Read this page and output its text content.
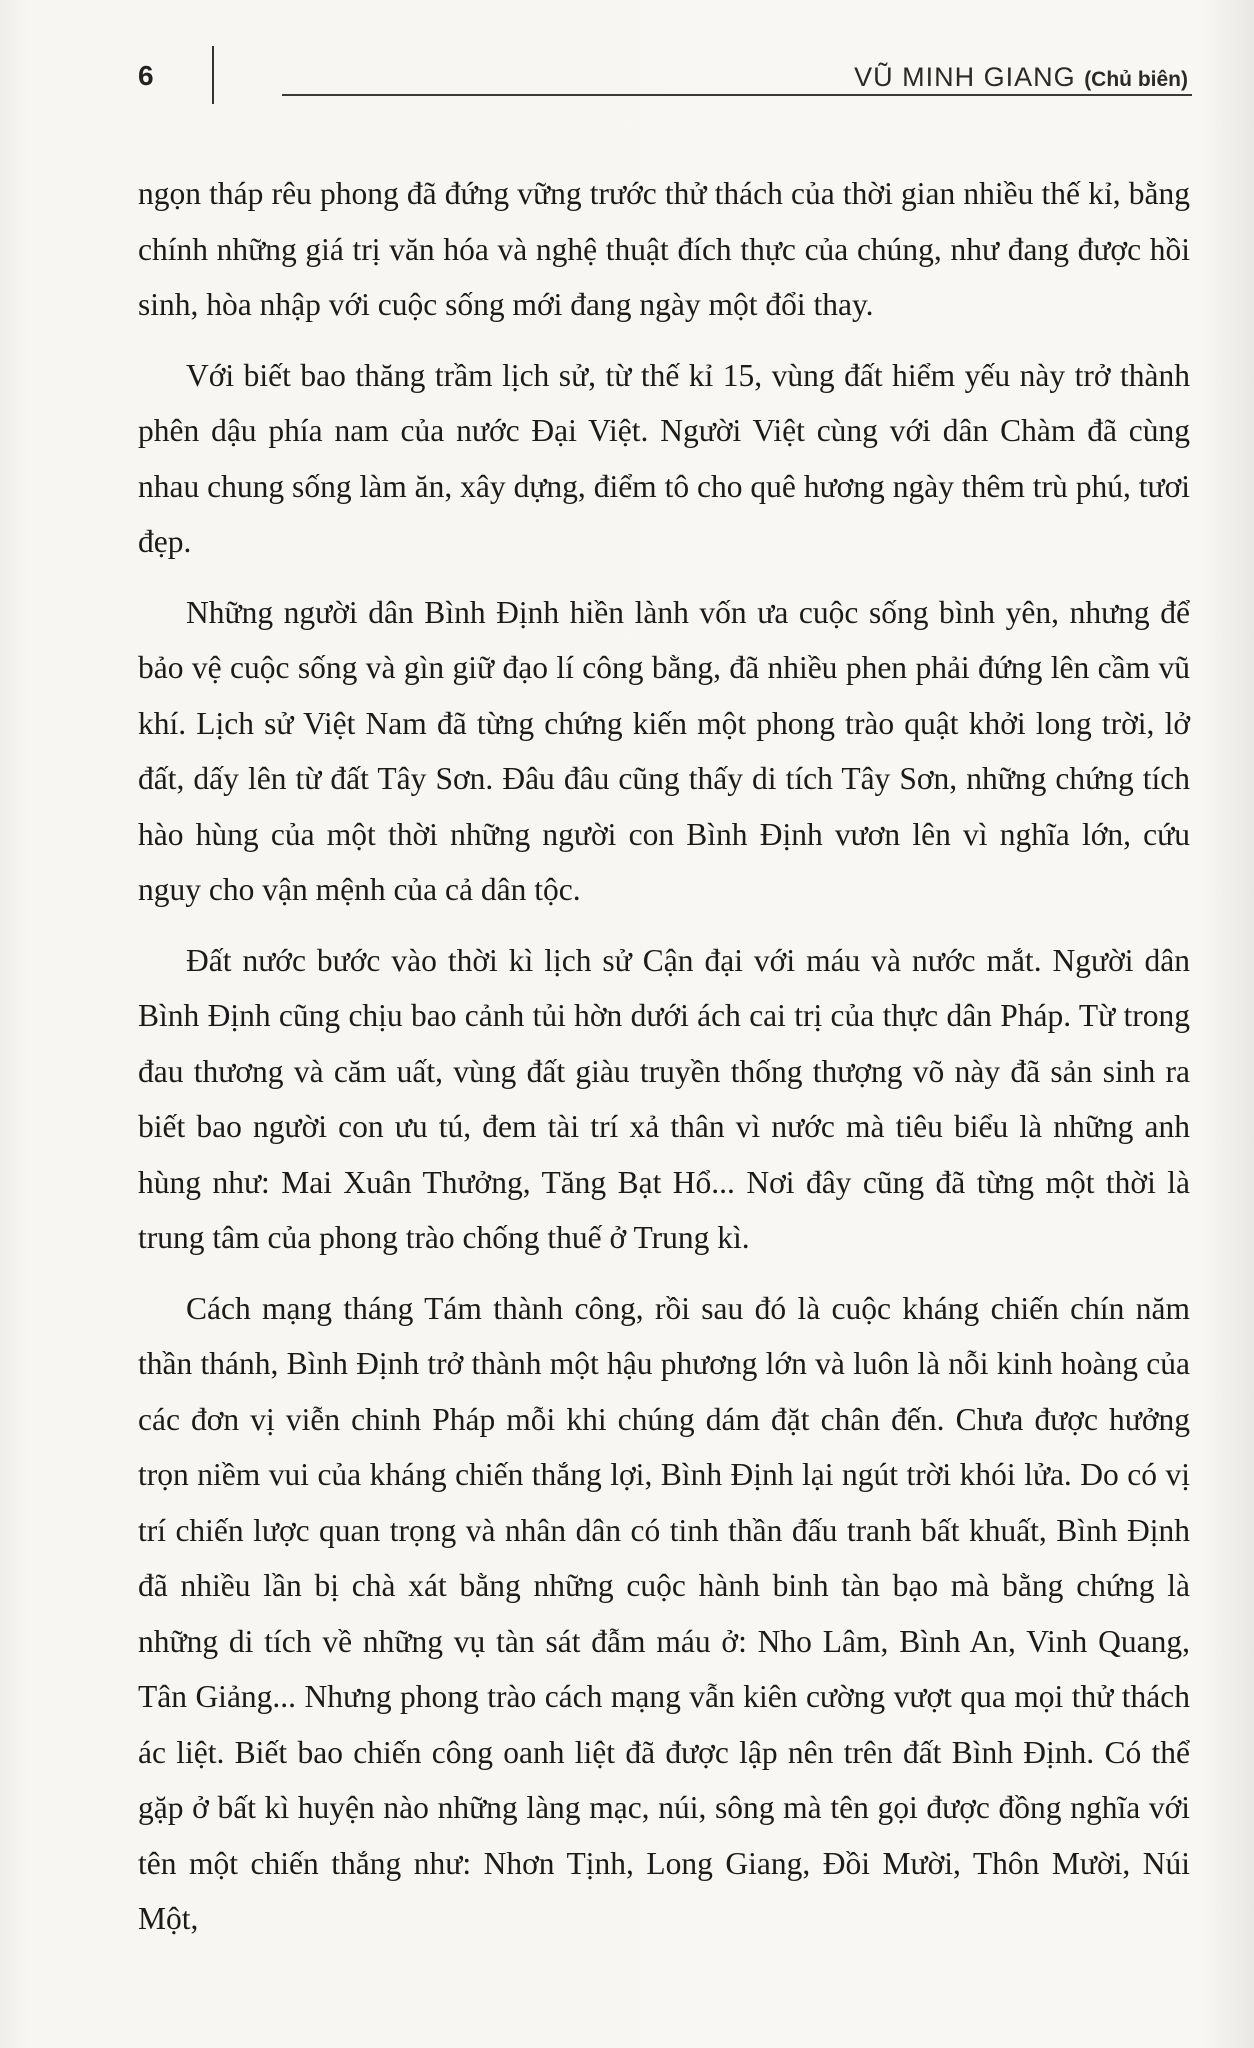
6	VŨ MINH GIANG (Chủ biên)

ngọn tháp rêu phong đã đứng vững trước thử thách của thời gian nhiều thế kỉ, bằng chính những giá trị văn hóa và nghệ thuật đích thực của chúng, như đang được hồi sinh, hòa nhập với cuộc sống mới đang ngày một đổi thay.

Với biết bao thăng trầm lịch sử, từ thế kỉ 15, vùng đất hiểm yếu này trở thành phên dậu phía nam của nước Đại Việt. Người Việt cùng với dân Chàm đã cùng nhau chung sống làm ăn, xây dựng, điểm tô cho quê hương ngày thêm trù phú, tươi đẹp.

Những người dân Bình Định hiền lành vốn ưa cuộc sống bình yên, nhưng để bảo vệ cuộc sống và gìn giữ đạo lí công bằng, đã nhiều phen phải đứng lên cầm vũ khí. Lịch sử Việt Nam đã từng chứng kiến một phong trào quật khởi long trời, lở đất, dấy lên từ đất Tây Sơn. Đâu đâu cũng thấy di tích Tây Sơn, những chứng tích hào hùng của một thời những người con Bình Định vươn lên vì nghĩa lớn, cứu nguy cho vận mệnh của cả dân tộc.

Đất nước bước vào thời kì lịch sử Cận đại với máu và nước mắt. Người dân Bình Định cũng chịu bao cảnh tủi hờn dưới ách cai trị của thực dân Pháp. Từ trong đau thương và căm uất, vùng đất giàu truyền thống thượng võ này đã sản sinh ra biết bao người con ưu tú, đem tài trí xả thân vì nước mà tiêu biểu là những anh hùng như: Mai Xuân Thưởng, Tăng Bạt Hổ... Nơi đây cũng đã từng một thời là trung tâm của phong trào chống thuế ở Trung kì.

Cách mạng tháng Tám thành công, rồi sau đó là cuộc kháng chiến chín năm thần thánh, Bình Định trở thành một hậu phương lớn và luôn là nỗi kinh hoàng của các đơn vị viễn chinh Pháp mỗi khi chúng dám đặt chân đến. Chưa được hưởng trọn niềm vui của kháng chiến thắng lợi, Bình Định lại ngút trời khói lửa. Do có vị trí chiến lược quan trọng và nhân dân có tinh thần đấu tranh bất khuất, Bình Định đã nhiều lần bị chà xát bằng những cuộc hành binh tàn bạo mà bằng chứng là những di tích về những vụ tàn sát đẫm máu ở: Nho Lâm, Bình An, Vinh Quang, Tân Giảng... Nhưng phong trào cách mạng vẫn kiên cường vượt qua mọi thử thách ác liệt. Biết bao chiến công oanh liệt đã được lập nên trên đất Bình Định. Có thể gặp ở bất kì huyện nào những làng mạc, núi, sông mà tên gọi được đồng nghĩa với tên một chiến thắng như: Nhơn Tịnh, Long Giang, Đồi Mười, Thôn Mười, Núi Một,
